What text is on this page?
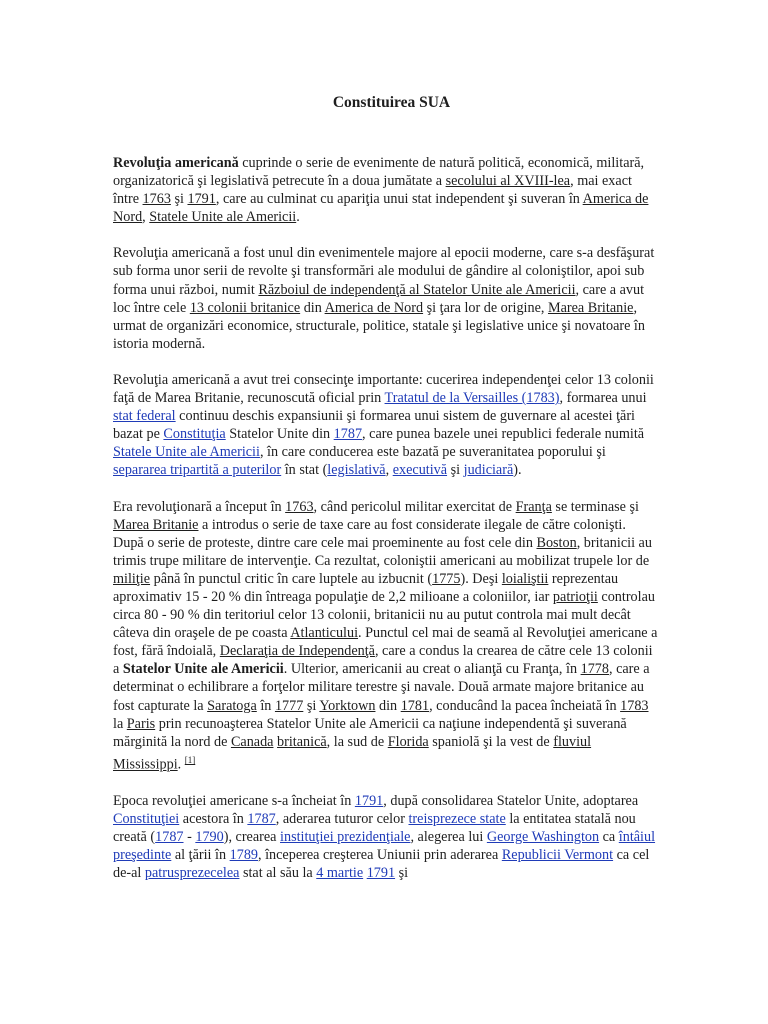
Constituirea SUA

Revoluţia americană cuprinde o serie de evenimente de natură politică, economică, militară, organizatorică şi legislativă petrecute în a doua jumătate a secolului al XVIII-lea, mai exact între 1763 şi 1791, care au culminat cu apariţia unui stat independent şi suveran în America de Nord, Statele Unite ale Americii.

Revoluţia americană a fost unul din evenimentele majore al epocii moderne, care s-a desfăşurat sub forma unor serii de revolte şi transformări ale modului de gândire al coloniştilor, apoi sub forma unui război, numit Războiul de independenţă al Statelor Unite ale Americii, care a avut loc între cele 13 colonii britanice din America de Nord şi ţara lor de origine, Marea Britanie, urmat de organizări economice, structurale, politice, statale şi legislative unice şi novatoare în istoria modernă.

Revoluţia americană a avut trei consecinţe importante: cucerirea independenţei celor 13 colonii faţă de Marea Britanie, recunoscută oficial prin Tratatul de la Versailles (1783), formarea unui stat federal continuu deschis expansiunii şi formarea unui sistem de guvernare al acestei ţări bazat pe Constituţia Statelor Unite din 1787, care punea bazele unei republici federale numită Statele Unite ale Americii, în care conducerea este bazată pe suveranitatea poporului şi separarea tripartită a puterilor în stat (legislativă, executivă şi judiciară).

Era revoluţionară a început în 1763, când pericolul militar exercitat de Franţa se terminase şi Marea Britanie a introdus o serie de taxe care au fost considerate ilegale de către colonişti. După o serie de proteste, dintre care cele mai proeminente au fost cele din Boston, britanicii au trimis trupe militare de intervenţie. Ca rezultat, coloniştii americani au mobilizat trupele lor de miliţie până în punctul critic în care luptele au izbucnit (1775). Deşi loialiştii reprezentau aproximativ 15 - 20 % din întreaga populaţie de 2,2 milioane a coloniilor, iar patrioţii controlau circa 80 - 90 % din teritoriul celor 13 colonii, britanicii nu au putut controla mai mult decât câteva din oraşele de pe coasta Atlanticului. Punctul cel mai de seamă al Revoluţiei americane a fost, fără îndoială, Declaraţia de Independenţă, care a condus la crearea de către cele 13 colonii a Statelor Unite ale Americii. Ulterior, americanii au creat o alianţă cu Franţa, în 1778, care a determinat o echilibrare a forţelor militare terestre şi navale. Două armate majore britanice au fost capturate la Saratoga în 1777 şi Yorktown din 1781, conducând la pacea încheiată în 1783 la Paris prin recunoaşterea Statelor Unite ale Americii ca naţiune independentă şi suverană mărginită la nord de Canada britanică, la sud de Florida spaniolă şi la vest de fluviul Mississippi. [1]

Epoca revoluţiei americane s-a încheiat în 1791, după consolidarea Statelor Unite, adoptarea Constituţiei acestora în 1787, aderarea tuturor celor treisprezece state la entitatea statală nou creată (1787 - 1790), crearea instituţiei prezidenţiale, alegerea lui George Washington ca întâiul preşedinte al ţării în 1789, începerea creşterea Uniunii prin aderarea Republicii Vermont ca cel de-al patrusprezecelea stat al său la 4 martie 1791 şi
